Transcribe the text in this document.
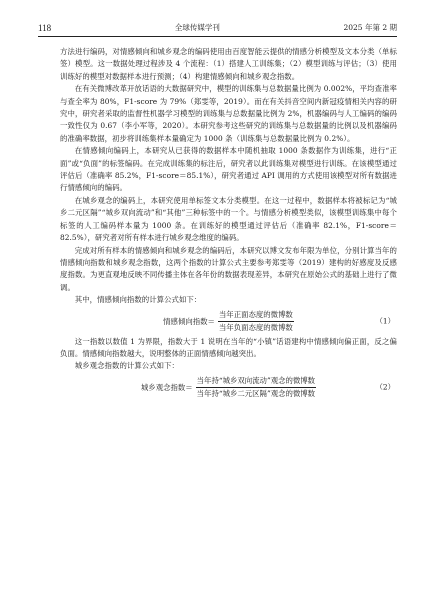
118	全球传媒学刊	2025 年第 2 期

方法进行编码，对情感倾向和城乡观念的编码使用由百度智能云提供的情感分析模型及文本分类（单标签）模型。这一数据处理过程涉及 4 个流程：（1）搭建人工训练集；（2）模型训练与评估；（3）使用训练好的模型对数据样本进行预测；（4）构建情感倾向和城乡观念指数。

在有关微博改革开放话语的大数据研究中，模型的训练集与总数据量比例为 0.002%，平均查准率与查全率为 80%，F1-score 为 79%（郑雯等，2019）。而在有关抖音空间内新冠疫情相关内容的研究中，研究者采取的监督性机器学习模型的训练集与总数据量比例为 2%，机器编码与人工编码的编码一致性仅为 0.67（李小军等，2020）。本研究参考这些研究的训练集与总数据量的比例以及机器编码的准确率数据，初步将训练集样本量确定为 1000 条（训练集与总数据量比例为 0.2%）。

在情感倾向编码上，本研究从已获得的数据样本中随机抽取 1000 条数据作为训练集，进行“正面”或“负面”的标签编码。在完成训练集的标注后，研究者以此训练集对模型进行训练。在该模型通过评估后（准确率 85.2%，F1-score＝85.1%），研究者通过 API 调用的方式使用该模型对所有数据进行情感倾向的编码。

在城乡观念的编码上，本研究使用单标签文本分类模型。在这一过程中，数据样本将被标记为“城乡二元区隔”“城乡双向流动”和“其他”三种标签中的一个。与情感分析模型类似，该模型训练集中每个标签的人工编码样本量为 1000 条。在训练好的模型通过评估后（准确率 82.1%，F1-score＝82.5%），研究者对所有样本进行城乡观念维度的编码。

完成对所有样本的情感倾向和城乡观念的编码后，本研究以博文发布年限为单位，分别计算当年的情感倾向指数和城乡观念指数，这两个指数的计算公式主要参考郑雯等（2019）建构的好感度及反感度指数。为更直观地反映不同传播主体在各年份的数据表现差异，本研究在原始公式的基础上进行了微调。

其中，情感倾向指数的计算公式如下：

情感倾向指数＝ $\frac{\text{当年正面态度的微博数}}{\text{当年负面态度的微博数}}$	（1）

这一指数以数值 1 为界限，指数大于 1 说明在当年的“小镇”话语建构中情感倾向偏正面，反之偏负面。情感倾向指数越大，说明整体的正面情感倾向越突出。

城乡观念指数的计算公式如下：

城乡观念指数＝ $\frac{\text{当年持“城乡双向流动”观念的微博数}}{\text{当年持“城乡二元区隔”观念的微博数}}$	（2）
